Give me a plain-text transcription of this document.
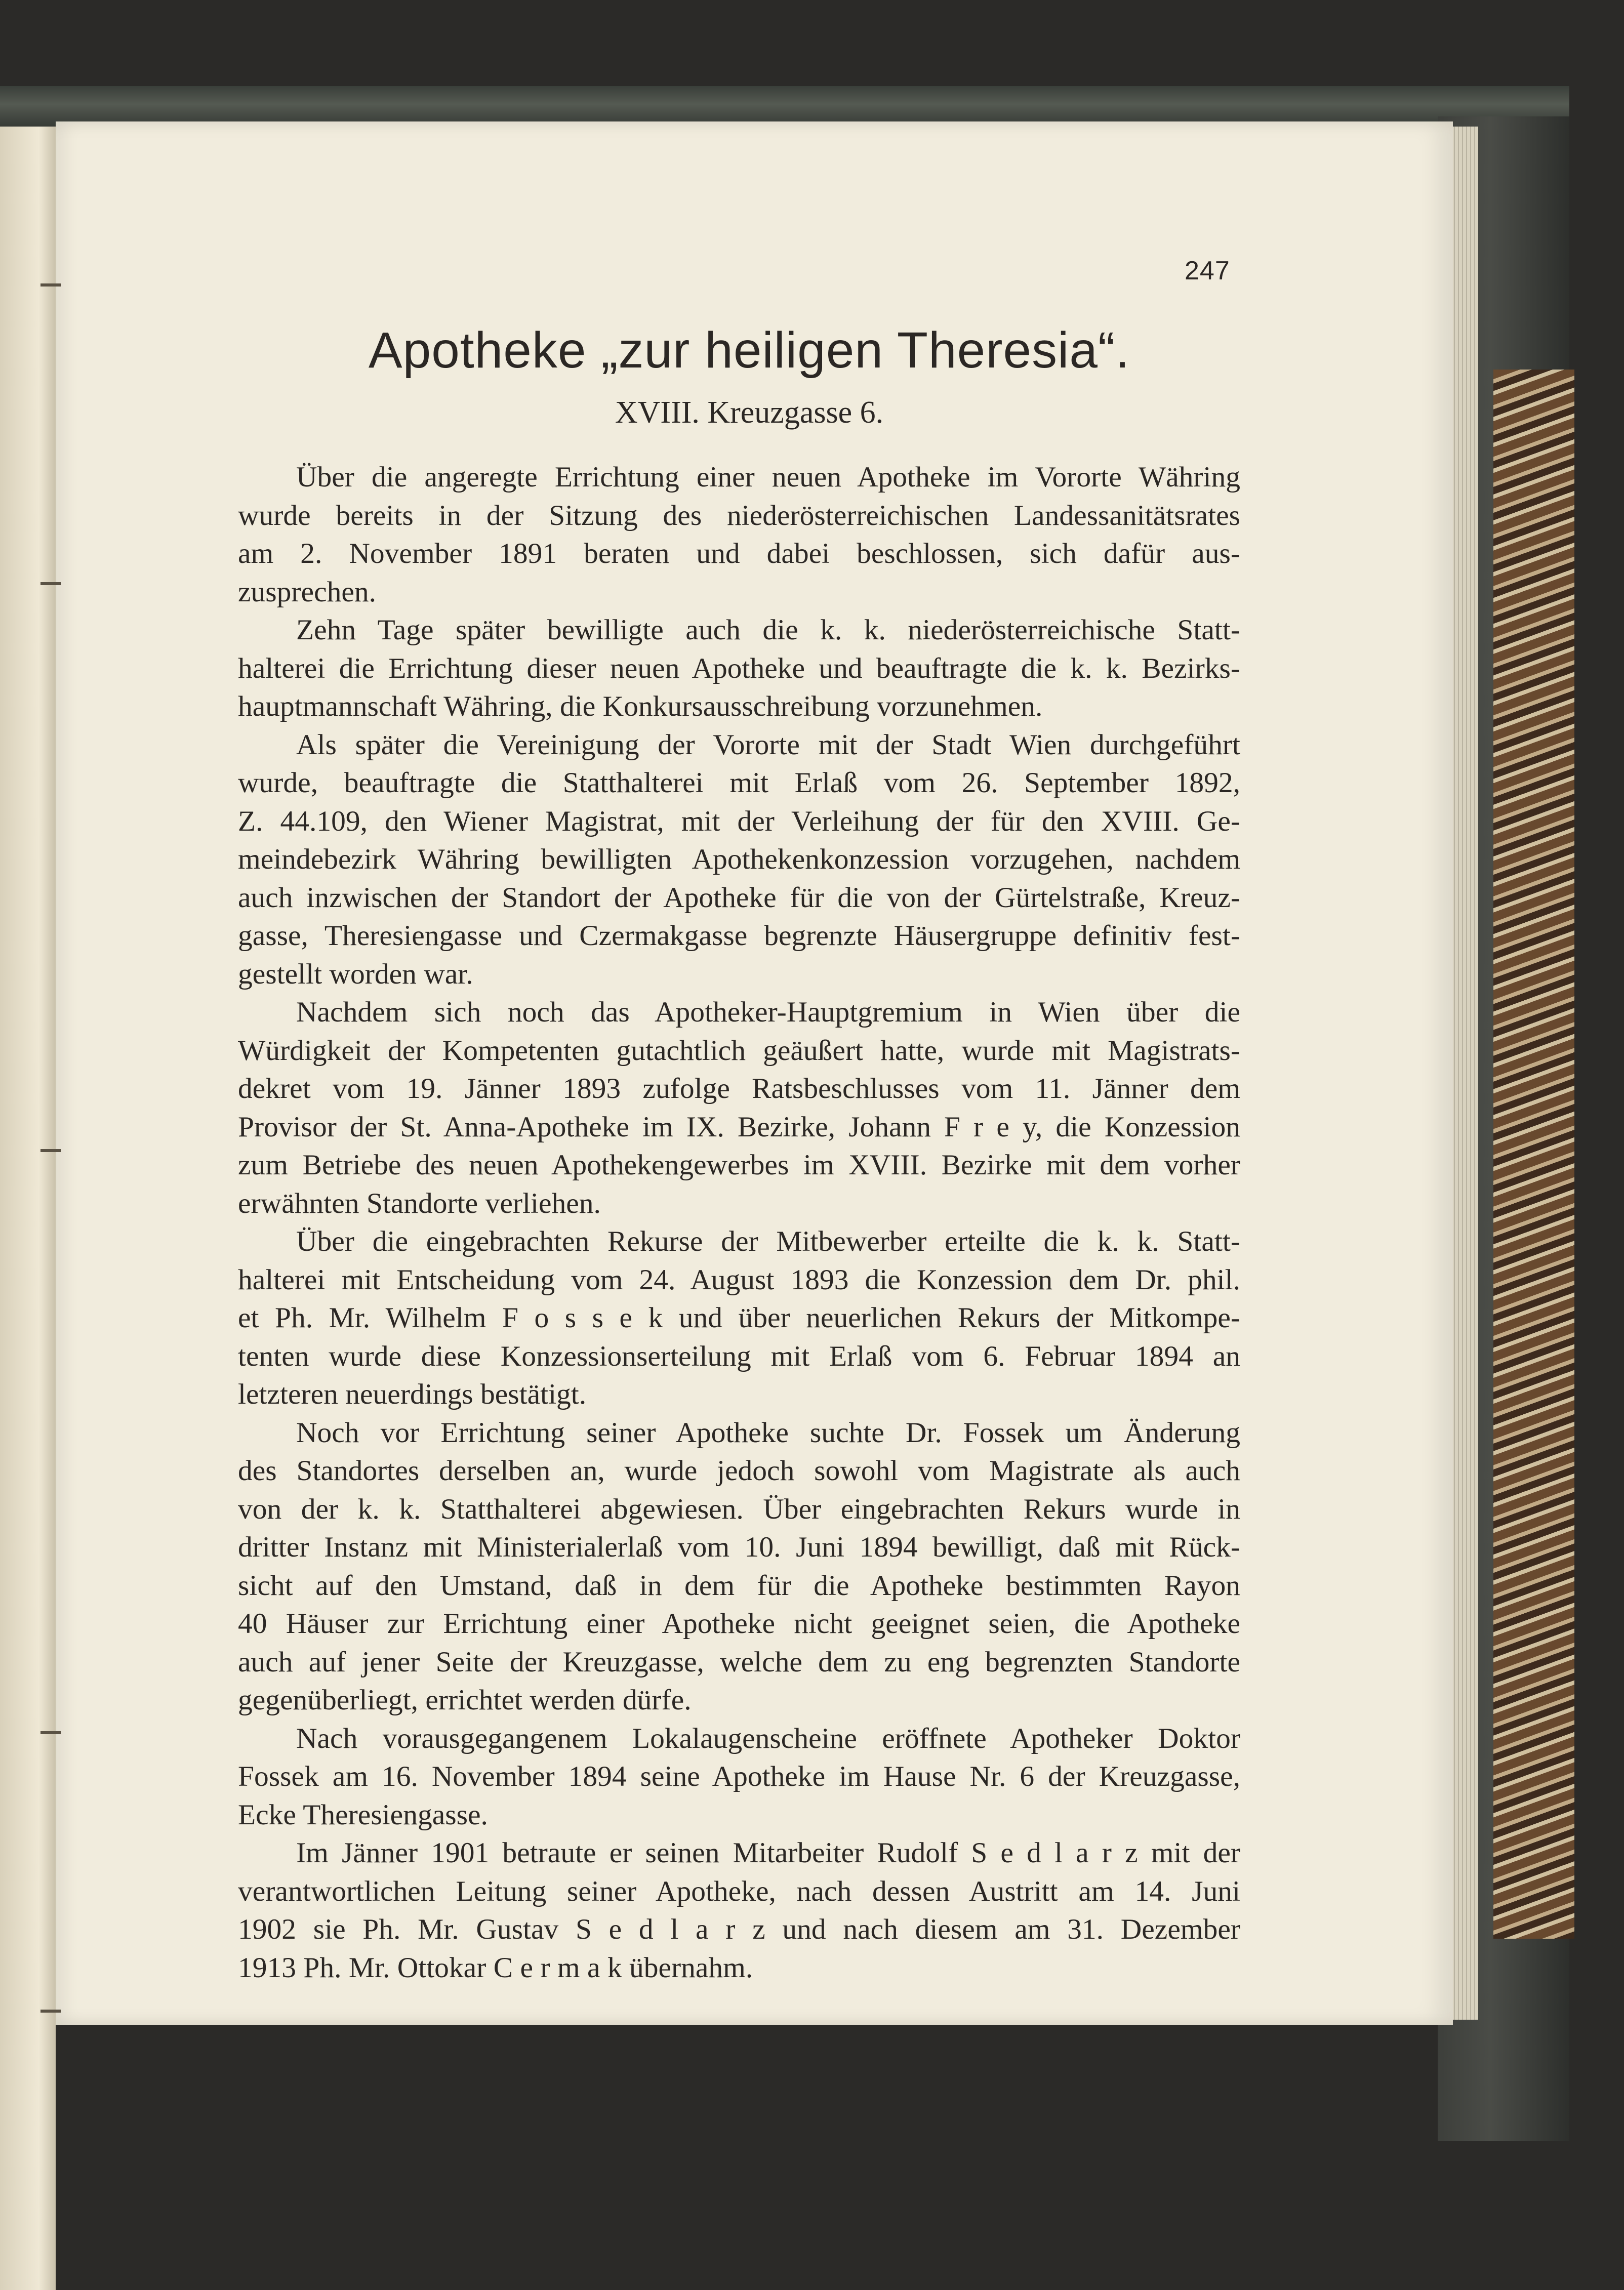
247
Apotheke „zur heiligen Theresia“.
XVIII. Kreuzgasse 6.
Über die angeregte Errichtung einer neuen Apotheke im Vororte Währing
wurde bereits in der Sitzung des niederösterreichischen Landessanitätsrates
am 2. November 1891 beraten und dabei beschlossen, sich dafür aus-
zusprechen.
Zehn Tage später bewilligte auch die k. k. niederösterreichische Statt-
halterei die Errichtung dieser neuen Apotheke und beauftragte die k. k. Bezirks-
hauptmannschaft Währing, die Konkursausschreibung vorzunehmen.
Als später die Vereinigung der Vororte mit der Stadt Wien durchgeführt
wurde, beauftragte die Statthalterei mit Erlaß vom 26. September 1892,
Z. 44.109, den Wiener Magistrat, mit der Verleihung der für den XVIII. Ge-
meindebezirk Währing bewilligten Apothekenkonzession vorzugehen, nachdem
auch inzwischen der Standort der Apotheke für die von der Gürtelstraße, Kreuz-
gasse, Theresiengasse und Czermakgasse begrenzte Häusergruppe definitiv fest-
gestellt worden war.
Nachdem sich noch das Apotheker-Hauptgremium in Wien über die
Würdigkeit der Kompetenten gutachtlich geäußert hatte, wurde mit Magistrats-
dekret vom 19. Jänner 1893 zufolge Ratsbeschlusses vom 11. Jänner dem
Provisor der St. Anna-Apotheke im IX. Bezirke, Johann F r e y, die Konzession
zum Betriebe des neuen Apothekengewerbes im XVIII. Bezirke mit dem vorher
erwähnten Standorte verliehen.
Über die eingebrachten Rekurse der Mitbewerber erteilte die k. k. Statt-
halterei mit Entscheidung vom 24. August 1893 die Konzession dem Dr. phil.
et Ph. Mr. Wilhelm F o s s e k und über neuerlichen Rekurs der Mitkompe-
tenten wurde diese Konzessionserteilung mit Erlaß vom 6. Februar 1894 an
letzteren neuerdings bestätigt.
Noch vor Errichtung seiner Apotheke suchte Dr. Fossek um Änderung
des Standortes derselben an, wurde jedoch sowohl vom Magistrate als auch
von der k. k. Statthalterei abgewiesen. Über eingebrachten Rekurs wurde in
dritter Instanz mit Ministerialerlaß vom 10. Juni 1894 bewilligt, daß mit Rück-
sicht auf den Umstand, daß in dem für die Apotheke bestimmten Rayon
40 Häuser zur Errichtung einer Apotheke nicht geeignet seien, die Apotheke
auch auf jener Seite der Kreuzgasse, welche dem zu eng begrenzten Standorte
gegenüberliegt, errichtet werden dürfe.
Nach vorausgegangenem Lokalaugenscheine eröffnete Apotheker Doktor
Fossek am 16. November 1894 seine Apotheke im Hause Nr. 6 der Kreuzgasse,
Ecke Theresiengasse.
Im Jänner 1901 betraute er seinen Mitarbeiter Rudolf S e d l a r z mit der
verantwortlichen Leitung seiner Apotheke, nach dessen Austritt am 14. Juni
1902 sie Ph. Mr. Gustav S e d l a r z und nach diesem am 31. Dezember
1913 Ph. Mr. Ottokar C e r m a k übernahm.
